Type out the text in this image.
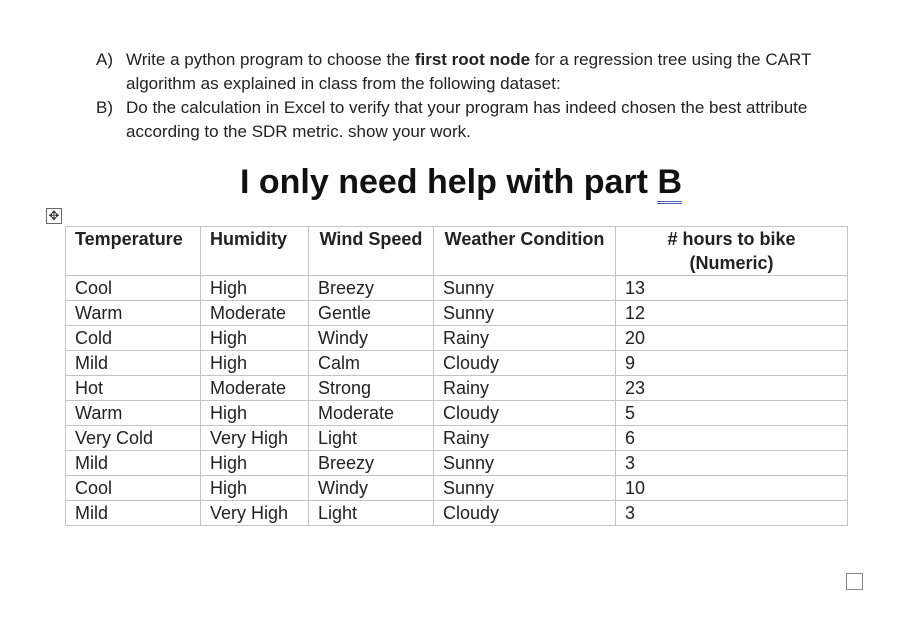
A) Write a python program to choose the first root node for a regression tree using the CART algorithm as explained in class from the following dataset:
B) Do the calculation in Excel to verify that your program has indeed chosen the best attribute according to the SDR metric. show your work.
I only need help with part B
✥
Temperature	Humidity	Wind Speed	Weather Condition	# hours to bike (Numeric)
Cool	High	Breezy	Sunny	13
Warm	Moderate	Gentle	Sunny	12
Cold	High	Windy	Rainy	20
Mild	High	Calm	Cloudy	9
Hot	Moderate	Strong	Rainy	23
Warm	High	Moderate	Cloudy	5
Very Cold	Very High	Light	Rainy	6
Mild	High	Breezy	Sunny	3
Cool	High	Windy	Sunny	10
Mild	Very High	Light	Cloudy	3
